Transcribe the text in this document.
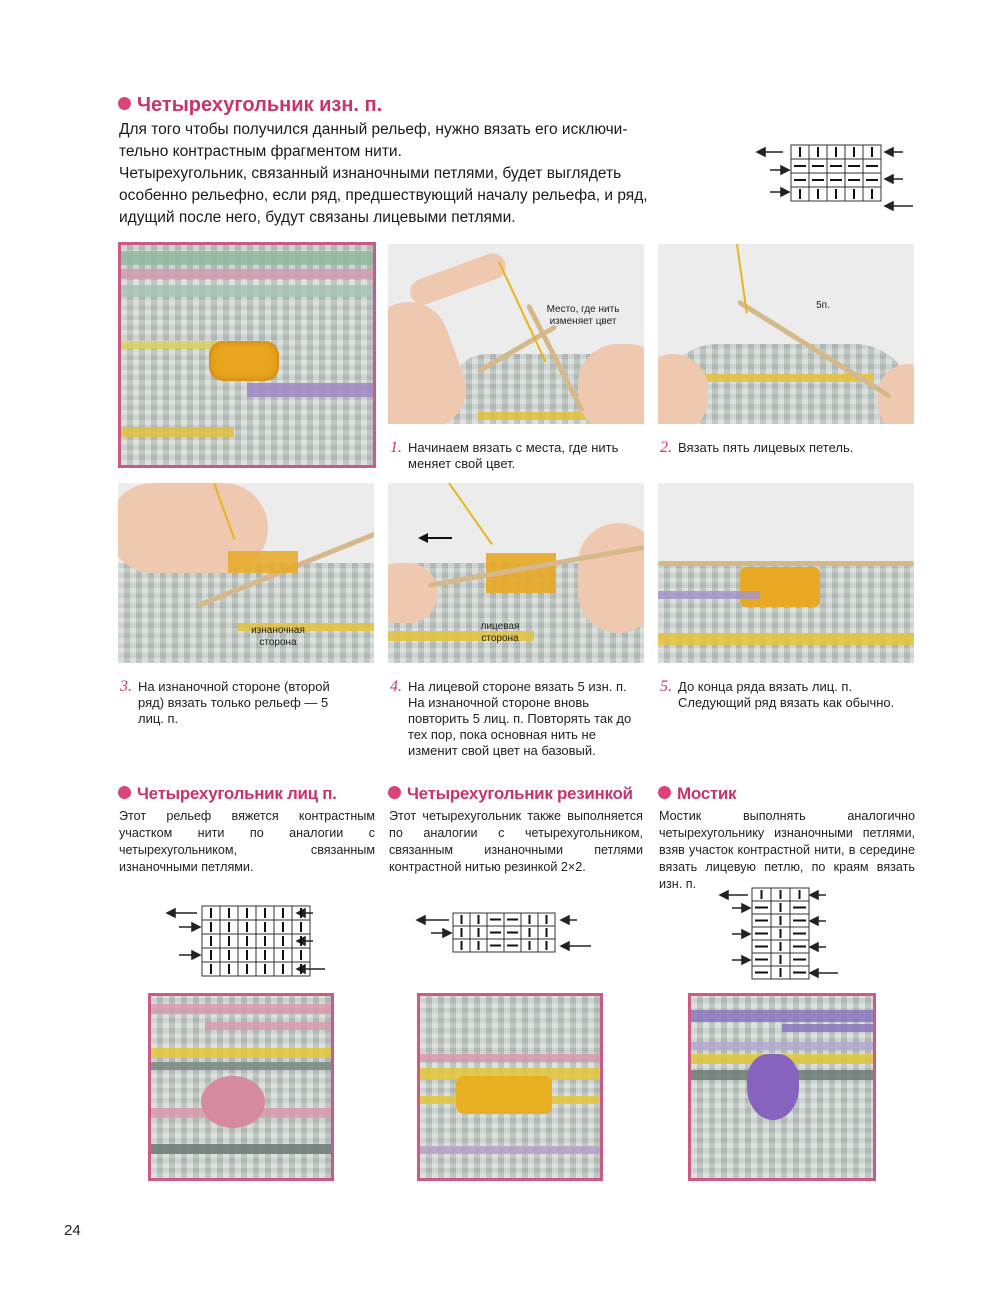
Четырехугольник изн. п.

Для того чтобы получился данный рельеф, нужно вязать его исключи-

тельно контрастным фрагментом нити.

Четырехугольник, связанный изнаночными петлями, будет выглядеть

особенно рельефно, если ряд, предшествующий началу рельефа, и ряд,

идущий после него, будут связаны лицевыми петлями.

Место, где нить изменяет цвет
5п.
1. Начинаем вязать с места, где нить меняет свой цвет.
2. Вязать пять лицевых петель.
изнаночная сторона
лицевая сторона
3. На изнаночной стороне (второй ряд) вязать только рельеф — 5 лиц. п.
4. На лицевой стороне вязать 5 изн. п. На изнаночной стороне вновь повторить 5 лиц. п. Повторять так до тех пор, пока основная нить не изменит свой цвет на базовый.
5. До конца ряда вязать лиц. п. Следующий ряд вязать как обычно.
Четырехугольник лиц п.
Этот рельеф вяжется контрастным участком нити по аналогии с четырехугольником, связанным изнаночными петлями.
Четырехугольник резинкой
Этот четырехугольник также выполняется по аналогии с четырехугольником, связанным изнаночными петлями контрастной нитью резинкой 2×2.
Мостик
Мостик выполнять аналогично четырехугольнику изнаночными петлями, взяв участок контрастной нити, в середине вязать лицевую петлю, по краям вязать изн. п.
24
